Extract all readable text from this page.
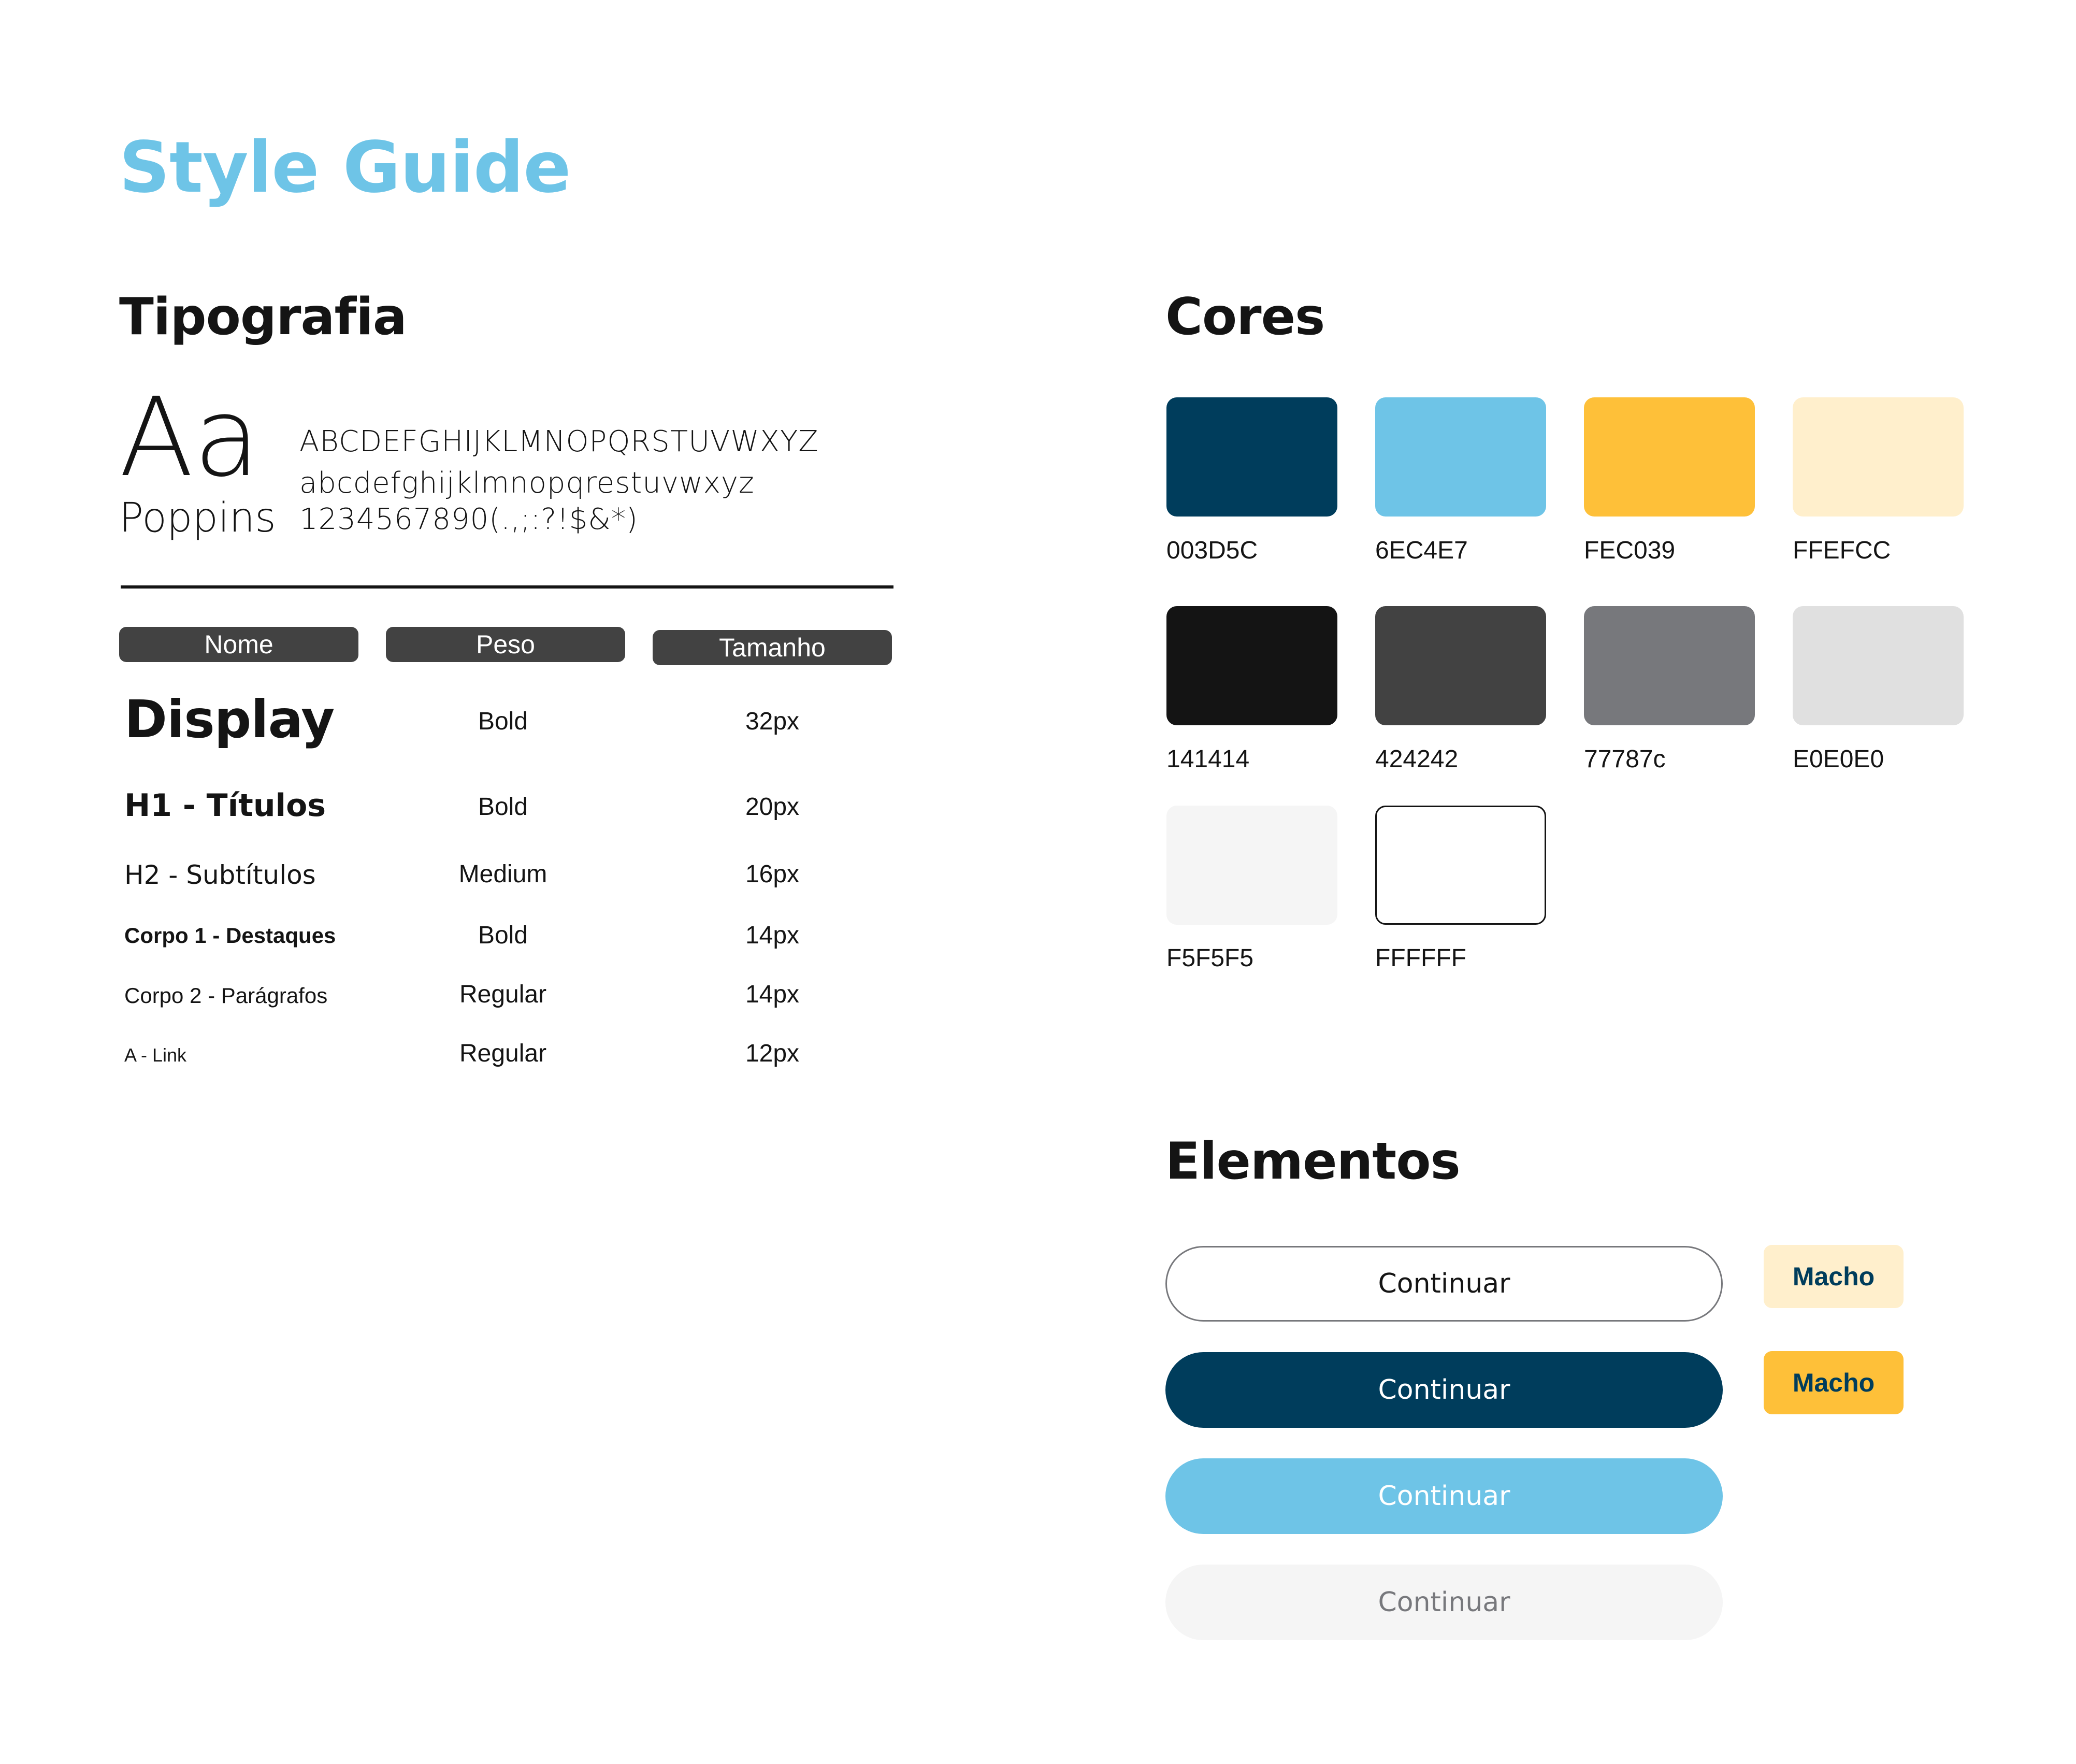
Style Guide
Tipografia
Aa
Poppins
ABCDEFGHIJKLMNOPQRSTUVWXYZ
abcdefghijklmnopqrestuvwxyz
1234567890(.,;:?!$&*)
Nome	Peso	Tamanho
Display	Bold	32px
H1 - Títulos	Bold	20px
H2 - Subtítulos	Medium	16px
Corpo 1 - Destaques	Bold	14px
Corpo 2 - Parágrafos	Regular	14px
A - Link	Regular	12px
Cores
003D5C	6EC4E7	FEC039	FFEFCC
141414	424242	77787c	E0E0E0
F5F5F5	FFFFFF
Elementos
Continuar
Continuar
Continuar
Continuar
Macho
Macho
